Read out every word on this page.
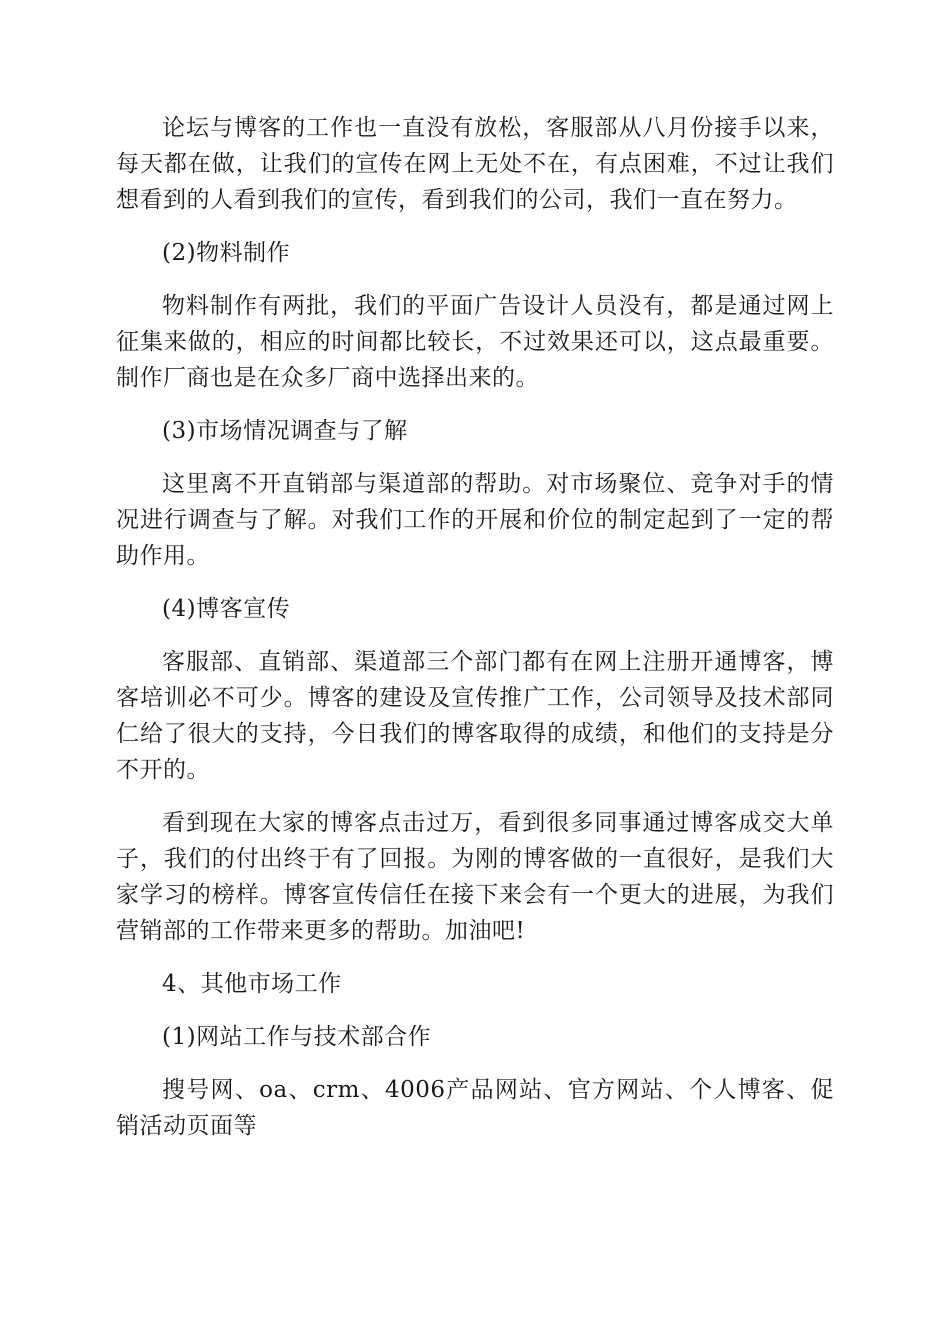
论坛与博客的工作也一直没有放松，客服部从八月份接手以来，每天都在做，让我们的宣传在网上无处不在，有点困难，不过让我们想看到的人看到我们的宣传，看到我们的公司，我们一直在努力。

(2)物料制作

物料制作有两批，我们的平面广告设计人员没有，都是通过网上征集来做的，相应的时间都比较长，不过效果还可以，这点最重要。制作厂商也是在众多厂商中选择出来的。

(3)市场情况调查与了解

这里离不开直销部与渠道部的帮助。对市场聚位、竞争对手的情况进行调查与了解。对我们工作的开展和价位的制定起到了一定的帮助作用。

(4)博客宣传

客服部、直销部、渠道部三个部门都有在网上注册开通博客，博客培训必不可少。博客的建设及宣传推广工作，公司领导及技术部同仁给了很大的支持，今日我们的博客取得的成绩，和他们的支持是分不开的。

看到现在大家的博客点击过万，看到很多同事通过博客成交大单子，我们的付出终于有了回报。为刚的博客做的一直很好，是我们大家学习的榜样。博客宣传信任在接下来会有一个更大的进展，为我们营销部的工作带来更多的帮助。加油吧!

4、其他市场工作

(1)网站工作与技术部合作

搜号网、oa、crm、4006产品网站、官方网站、个人博客、促销活动页面等
